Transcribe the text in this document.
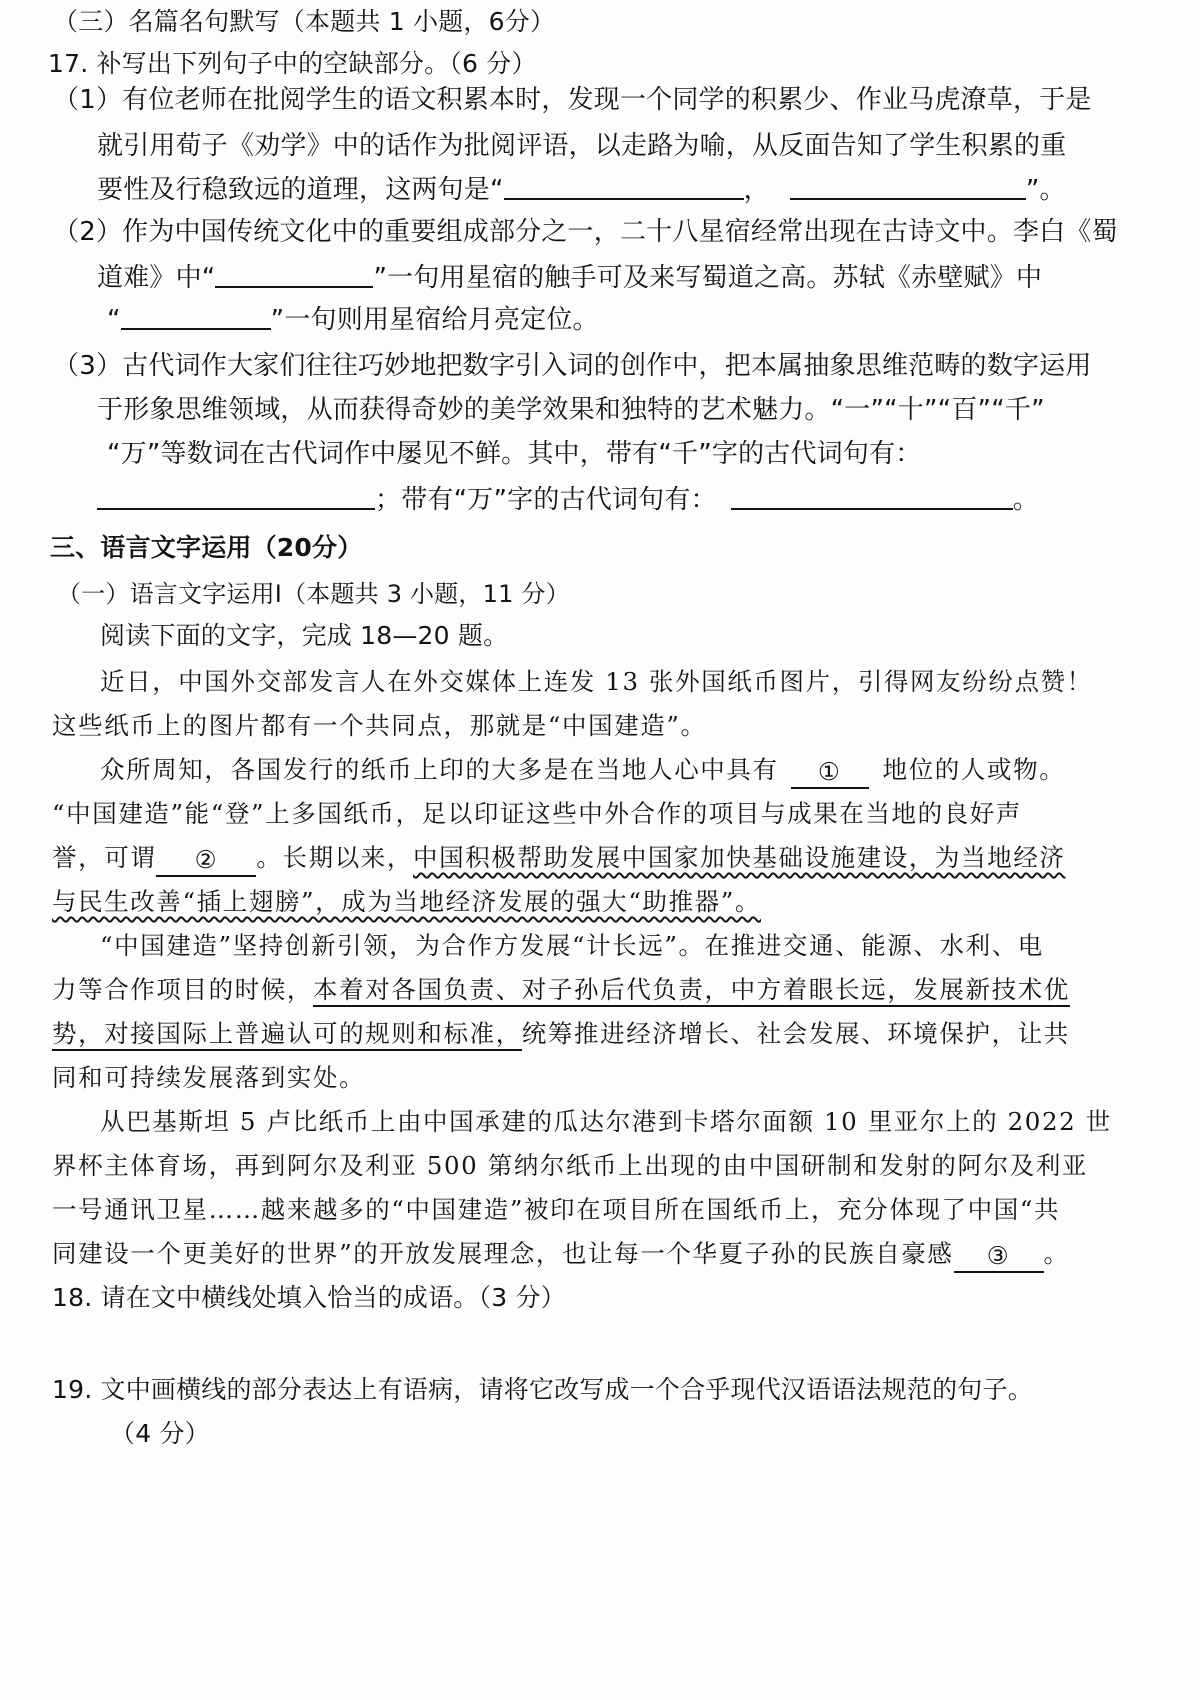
（三）名篇名句默写（本题共 1 小题，6分）

17. 补写出下列句子中的空缺部分。（6 分）

（1）有位老师在批阅学生的语文积累本时，发现一个同学的积累少、作业马虎潦草，于是

就引用荀子《劝学》中的话作为批阅评语，以走路为喻，从反面告知了学生积累的重

要性及行稳致远的道理，这两句是“	，	”。

（2）作为中国传统文化中的重要组成部分之一，二十八星宿经常出现在古诗文中。李白《蜀

道难》中“	”一句用星宿的触手可及来写蜀道之高。苏轼《赤壁赋》中

“	”一句则用星宿给月亮定位。

（3）古代词作大家们往往巧妙地把数字引入词的创作中，把本属抽象思维范畴的数字运用

于形象思维领域，从而获得奇妙的美学效果和独特的艺术魅力。“一”“十”“百”“千”

“万”等数词在古代词作中屡见不鲜。其中，带有“千”字的古代词句有：

；带有“万”字的古代词句有：	。

三、语言文字运用（20分）

（一）语言文字运用Ⅰ（本题共 3 小题，11 分）

阅读下面的文字，完成 18—20 题。

近日，中国外交部发言人在外交媒体上连发 13 张外国纸币图片，引得网友纷纷点赞！

这些纸币上的图片都有一个共同点，那就是“中国建造”。

众所周知，各国发行的纸币上印的大多是在当地人心中具有 ① 地位的人或物。

“中国建造”能“登”上多国纸币，足以印证这些中外合作的项目与成果在当地的良好声

誉，可谓 ② 。长期以来，中国积极帮助发展中国家加快基础设施建设，为当地经济

与民生改善“插上翅膀”，成为当地经济发展的强大“助推器”。

“中国建造”坚持创新引领，为合作方发展“计长远”。在推进交通、能源、水利、电

力等合作项目的时候，本着对各国负责、对子孙后代负责，中方着眼长远，发展新技术优

势，对接国际上普遍认可的规则和标准，统筹推进经济增长、社会发展、环境保护，让共

同和可持续发展落到实处。

从巴基斯坦 5 卢比纸币上由中国承建的瓜达尔港到卡塔尔面额 10 里亚尔上的 2022 世

界杯主体育场，再到阿尔及利亚 500 第纳尔纸币上出现的由中国研制和发射的阿尔及利亚

一号通讯卫星……越来越多的“中国建造”被印在项目所在国纸币上，充分体现了中国“共

同建设一个更美好的世界”的开放发展理念，也让每一个华夏子孙的民族自豪感 ③ 。

18. 请在文中横线处填入恰当的成语。（3 分）

19. 文中画横线的部分表达上有语病，请将它改写成一个合乎现代汉语语法规范的句子。

（4 分）
